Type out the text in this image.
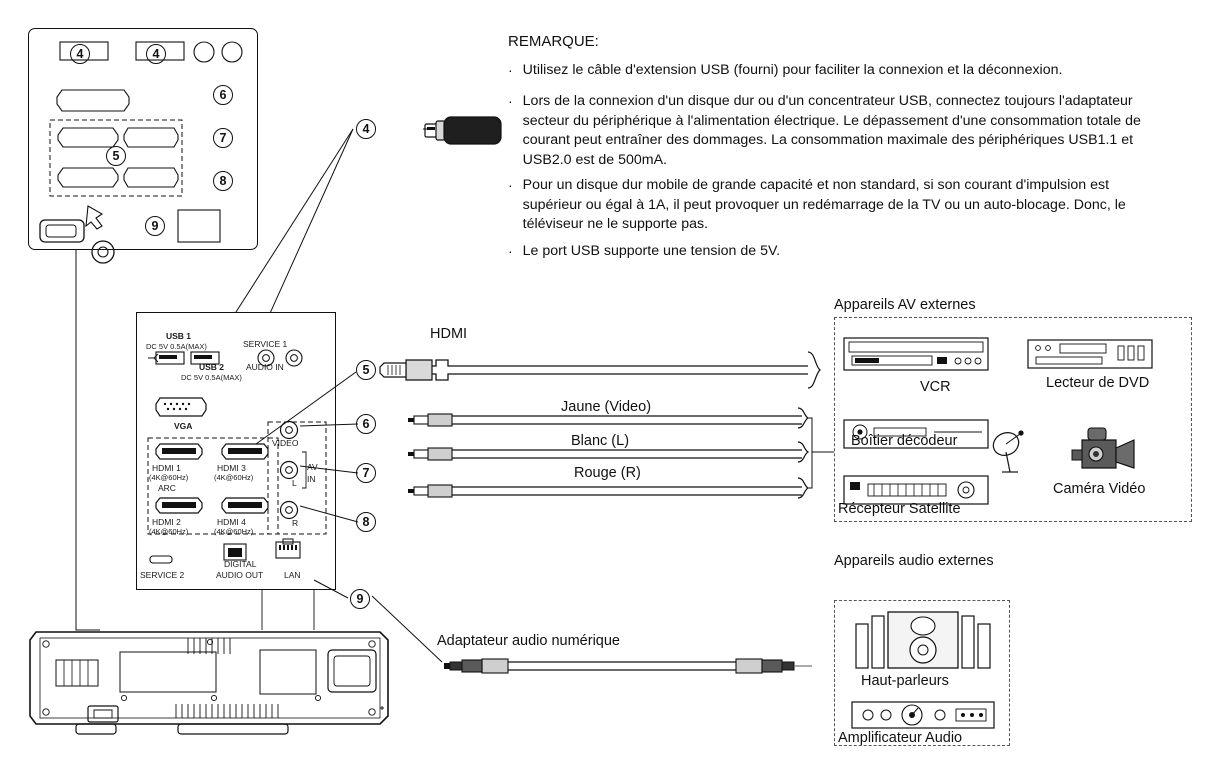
4	4
6
7
8
5
9
REMARQUE:
· Utilisez le câble d'extension USB (fourni) pour faciliter la connexion et la déconnexion.
· Lors de la connexion d'un disque dur ou d'un concentrateur USB, connectez toujours l'adaptateur secteur du périphérique à l'alimentation électrique. Le dépassement d'une consommation totale de courant peut entraîner des dommages. La consommation maximale des périphériques USB1.1 et USB2.0 est de 500mA.
· Pour un disque dur mobile de grande capacité et non standard, si son courant d'impulsion est supérieur ou égal à 1A, il peut provoquer un redémarrage de la TV ou un auto-blocage. Donc, le téléviseur ne le supporte pas.
· Le port USB supporte une tension de 5V.
4
USB 1
DC 5V 0.5A(MAX)	SERVICE 1
USB 2
DC 5V 0.5A(MAX)
AUDIO IN
VGA
HDMI 1
(4K@60Hz)
ARC
HDMI 3
(4K@60Hz)
HDMI 2
(4K@60Hz)
HDMI 4
(4K@60Hz)
VIDEO
AV
IN
L
R
SERVICE 2
DIGITAL
AUDIO OUT LAN
HDMI
5
Jaune (Video)
Blanc (L)
Rouge (R)
6
7
8
Appareils AV externes
VCR	Lecteur de DVD
Boîtier décodeur
Récepteur Satellite
Caméra Vidéo
9
Adaptateur audio numérique
Appareils audio externes
Haut-parleurs
Amplificateur Audio
